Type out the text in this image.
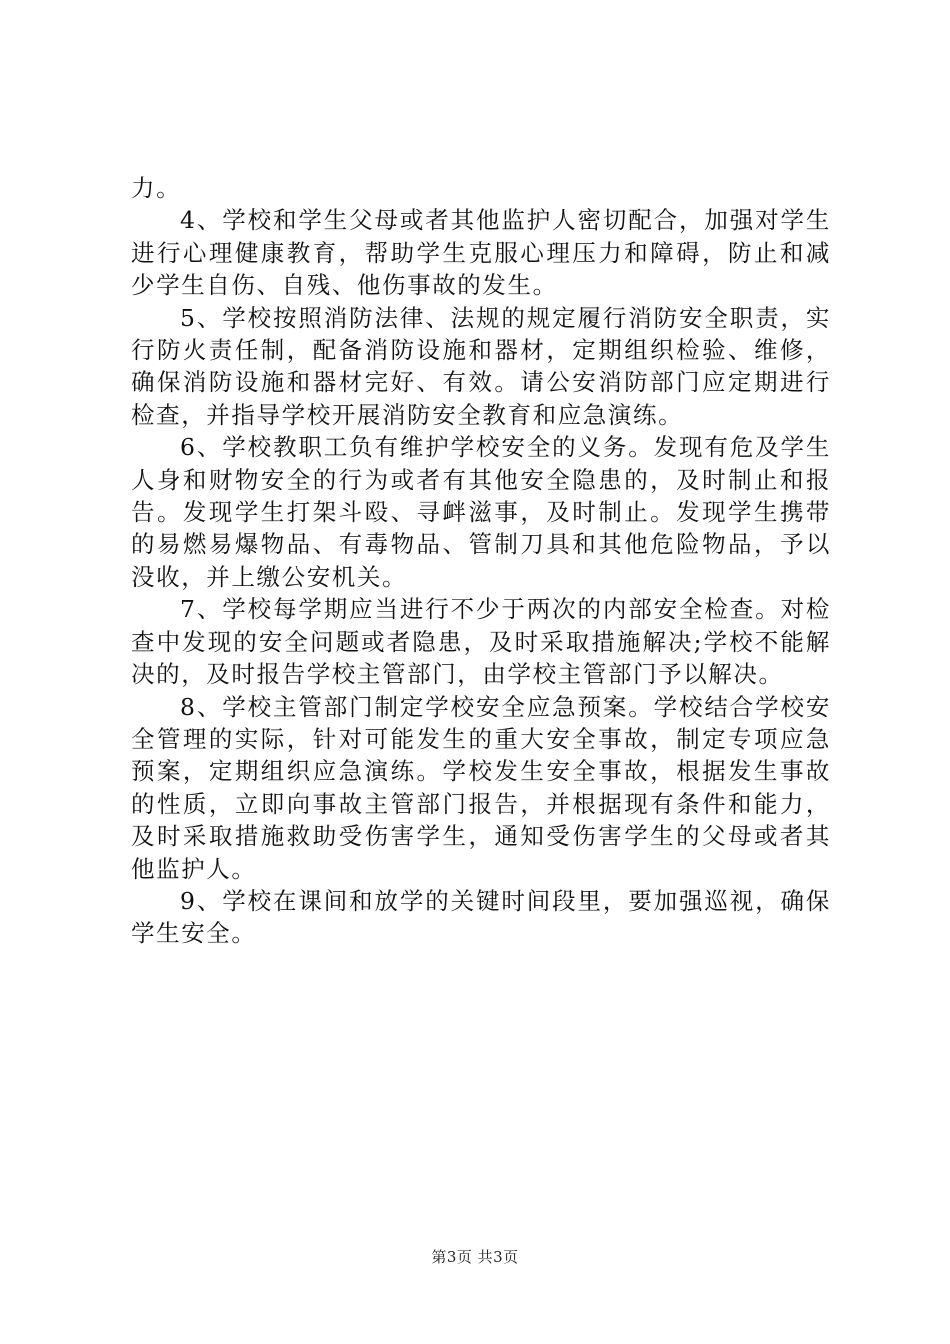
力。

4、学校和学生父母或者其他监护人密切配合，加强对学生进行心理健康教育，帮助学生克服心理压力和障碍，防止和减少学生自伤、自残、他伤事故的发生。

5、学校按照消防法律、法规的规定履行消防安全职责，实行防火责任制，配备消防设施和器材，定期组织检验、维修，确保消防设施和器材完好、有效。请公安消防部门应定期进行检查，并指导学校开展消防安全教育和应急演练。

6、学校教职工负有维护学校安全的义务。发现有危及学生人身和财物安全的行为或者有其他安全隐患的，及时制止和报告。发现学生打架斗殴、寻衅滋事，及时制止。发现学生携带的易燃易爆物品、有毒物品、管制刀具和其他危险物品，予以没收，并上缴公安机关。

7、学校每学期应当进行不少于两次的内部安全检查。对检查中发现的安全问题或者隐患，及时采取措施解决;学校不能解决的，及时报告学校主管部门，由学校主管部门予以解决。

8、学校主管部门制定学校安全应急预案。学校结合学校安全管理的实际，针对可能发生的重大安全事故，制定专项应急预案，定期组织应急演练。学校发生安全事故，根据发生事故的性质，立即向事故主管部门报告，并根据现有条件和能力，及时采取措施救助受伤害学生，通知受伤害学生的父母或者其他监护人。

9、学校在课间和放学的关键时间段里，要加强巡视，确保学生安全。

第3页 共3页
